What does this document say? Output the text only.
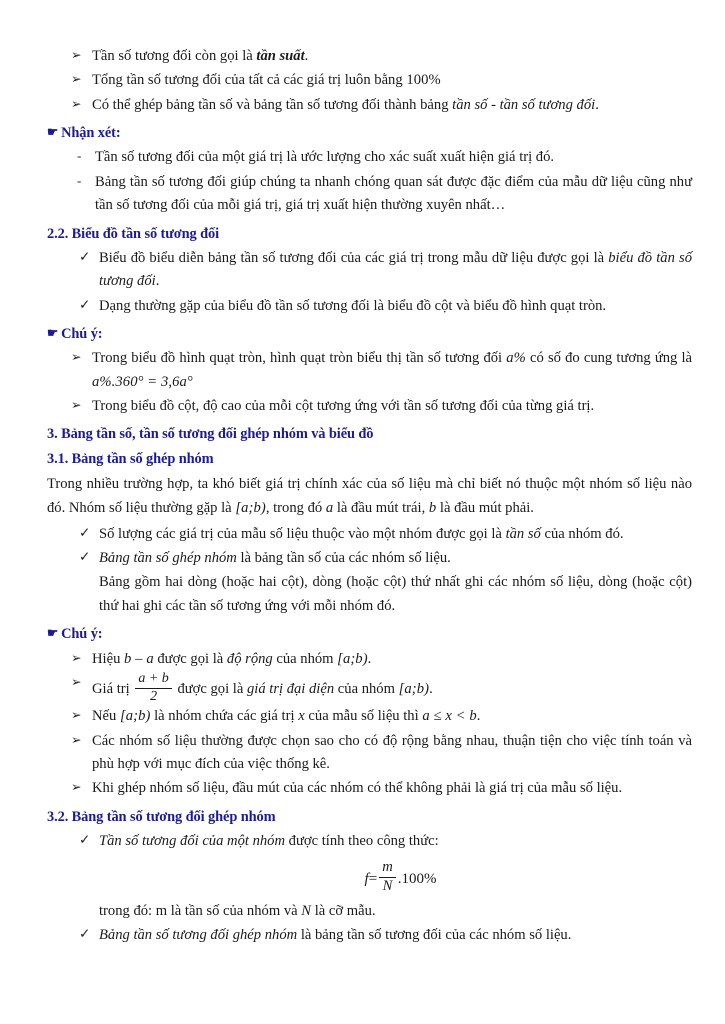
➢ Tần số tương đối còn gọi là tần suất.
➢ Tổng tần số tương đối của tất cả các giá trị luôn bằng 100%
➢ Có thể ghép bảng tần số và bảng tần số tương đối thành bảng tần số - tần số tương đối.
☛ Nhận xét:
- Tần số tương đối của một giá trị là ước lượng cho xác suất xuất hiện giá trị đó.
- Bảng tần số tương đối giúp chúng ta nhanh chóng quan sát được đặc điểm của mẫu dữ liệu cũng như tần số tương đối của mỗi giá trị, giá trị xuất hiện thường xuyên nhất…
2.2. Biểu đồ tần số tương đối
✓ Biểu đồ biểu diễn bảng tần số tương đối của các giá trị trong mẫu dữ liệu được gọi là biểu đồ tần số tương đối.
✓ Dạng thường gặp của biểu đồ tần số tương đối là biểu đồ cột và biểu đồ hình quạt tròn.
☛ Chú ý:
➢ Trong biểu đồ hình quạt tròn, hình quạt tròn biểu thị tần số tương đối a% có số đo cung tương ứng là a%.360° = 3,6a°
➢ Trong biểu đồ cột, độ cao của mỗi cột tương ứng với tần số tương đối của từng giá trị.
3. Bảng tần số, tần số tương đối ghép nhóm và biểu đồ
3.1. Bảng tần số ghép nhóm
Trong nhiều trường hợp, ta khó biết giá trị chính xác của số liệu mà chỉ biết nó thuộc một nhóm số liệu nào đó. Nhóm số liệu thường gặp là [a;b), trong đó a là đầu mút trái, b là đầu mút phải.
✓ Số lượng các giá trị của mẫu số liệu thuộc vào một nhóm được gọi là tần số của nhóm đó.
✓ Bảng tần số ghép nhóm là bảng tần số của các nhóm số liệu.
Bảng gồm hai dòng (hoặc hai cột), dòng (hoặc cột) thứ nhất ghi các nhóm số liệu, dòng (hoặc cột) thứ hai ghi các tần số tương ứng với mỗi nhóm đó.
☛ Chú ý:
➢ Hiệu b – a được gọi là độ rộng của nhóm [a;b).
➢ Giá trị $\frac{a + b}{2}$ được gọi là giá trị đại diện của nhóm [a;b).
➢ Nếu [a;b) là nhóm chứa các giá trị x của mẫu số liệu thì a ≤ x < b.
➢ Các nhóm số liệu thường được chọn sao cho có độ rộng bằng nhau, thuận tiện cho việc tính toán và phù hợp với mục đích của việc thống kê.
➢ Khi ghép nhóm số liệu, đầu mút của các nhóm có thể không phải là giá trị của mẫu số liệu.
3.2. Bảng tần số tương đối ghép nhóm
✓ Tần số tương đối của một nhóm được tính theo công thức:
$f= \frac{m}{N} .100\%$
trong đó: m là tần số của nhóm và N là cỡ mẫu.
✓ Bảng tần số tương đối ghép nhóm là bảng tần số tương đối của các nhóm số liệu.
